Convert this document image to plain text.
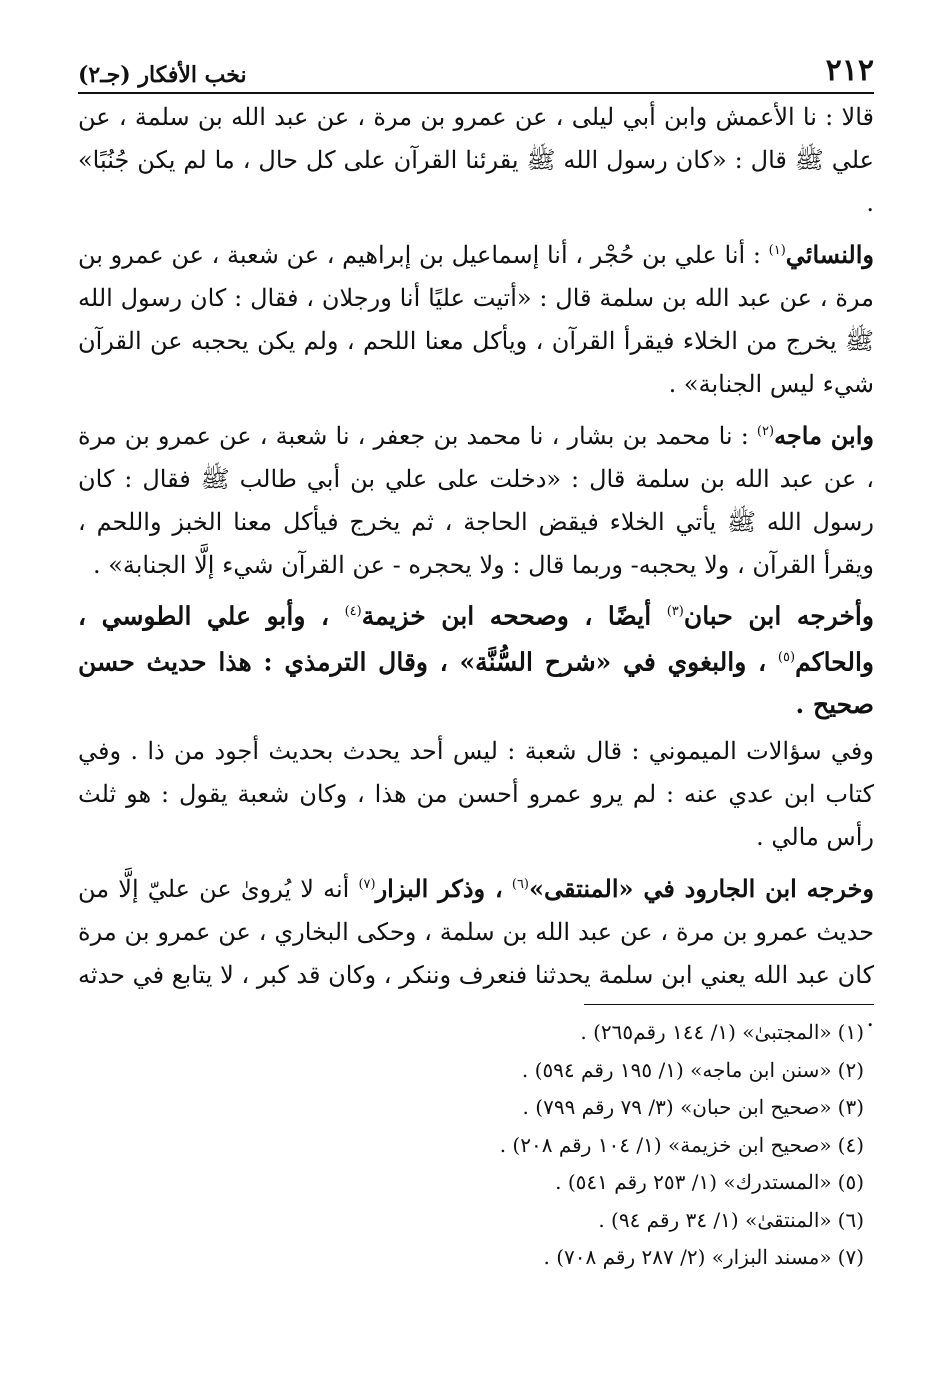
٢١٢
نخب الأفكار (جـ٢)

قالا : نا الأعمش وابن أبي ليلى ، عن عمرو بن مرة ، عن عبد الله بن سلمة ، عن علي ﷺ قال : «كان رسول الله ﷺ يقرئنا القرآن على كل حال ، ما لم يكن جُنُبًا» .

والنسائي$^{(١)}$ : أنا علي بن حُجْر ، أنا إسماعيل بن إبراهيم ، عن شعبة ، عن عمرو بن مرة ، عن عبد الله بن سلمة قال : «أتيت عليًا أنا ورجلان ، فقال : كان رسول الله ﷺ يخرج من الخلاء فيقرأ القرآن ، ويأكل معنا اللحم ، ولم يكن يحجبه عن القرآن شيء ليس الجنابة» .

وابن ماجه$^{(٢)}$ : نا محمد بن بشار ، نا محمد بن جعفر ، نا شعبة ، عن عمرو بن مرة ، عن عبد الله بن سلمة قال : «دخلت على علي بن أبي طالب ﷺ فقال : كان رسول الله ﷺ يأتي الخلاء فيقض الحاجة ، ثم يخرج فيأكل معنا الخبز واللحم ، ويقرأ القرآن ، ولا يحجبه- وربما قال : ولا يحجره - عن القرآن شيء إلَّا الجنابة» .

وأخرجه ابن حبان$^{(٣)}$ أيضًا ، وصححه ابن خزيمة$^{(٤)}$ ، وأبو علي الطوسي ، والحاكم$^{(٥)}$ ، والبغوي في «شرح السُّنَّة» ، وقال الترمذي : هذا حديث حسن صحيح .

وفي سؤالات الميموني : قال شعبة : ليس أحد يحدث بحديث أجود من ذا . وفي كتاب ابن عدي عنه : لم يرو عمرو أحسن من هذا ، وكان شعبة يقول : هو ثلث رأس مالي .

وخرجه ابن الجارود في «المنتقى»$^{(٦)}$ ، وذكر البزار$^{(٧)}$ أنه لا يُروىٰ عن عليّ إلَّا من حديث عمرو بن مرة ، عن عبد الله بن سلمة ، وحكى البخاري ، عن عمرو بن مرة كان عبد الله يعني ابن سلمة يحدثنا فنعرف وننكر ، وكان قد كبر ، لا يتابع في حدثه .

(١)«المجتبىٰ» (١/ ١٤٤ رقم٢٦٥) .
(٢)«سنن ابن ماجه» (١/ ١٩٥ رقم ٥٩٤) .
(٣)«صحيح ابن حبان» (٣/ ٧٩ رقم ٧٩٩) .
(٤)«صحيح ابن خزيمة» (١/ ١٠٤ رقم ٢٠٨) .
(٥)«المستدرك» (١/ ٢٥٣ رقم ٥٤١) .
(٦)«المنتقىٰ» (١/ ٣٤ رقم ٩٤) .
(٧)«مسند البزار» (٢/ ٢٨٧ رقم ٧٠٨) .
